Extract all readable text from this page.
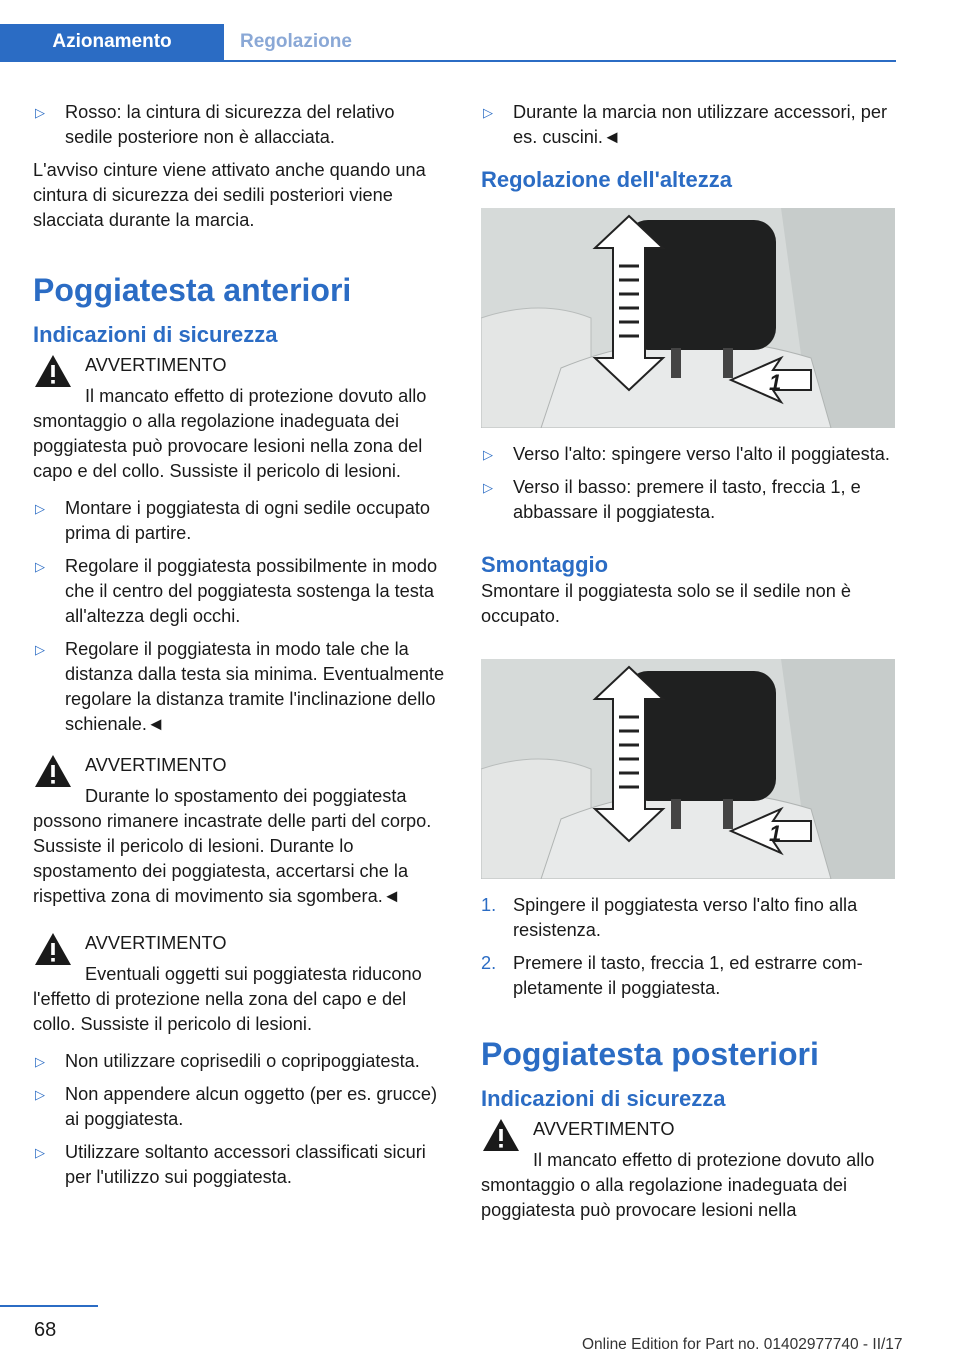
Azionamento	Regolazione
▷ Rosso: la cintura di sicurezza del relativo sedile posteriore non è allacciata.

L'avviso cinture viene attivato anche quando una cintura di sicurezza dei sedili posteriori viene slacciata durante la marcia.

Poggiatesta anteriori
Indicazioni di sicurezza
AVVERTIMENTO
Il mancato effetto di protezione dovuto allo smontaggio o alla regolazione inadeguata dei poggiatesta può provocare lesioni nella zona del capo e del collo. Sussiste il pericolo di lesioni.
▷ Montare i poggiatesta di ogni sedile occupato prima di partire.
▷ Regolare il poggiatesta possibilmente in modo che il centro del poggiatesta sostenga la testa all'altezza degli occhi.
▷ Regolare il poggiatesta in modo tale che la distanza dalla testa sia minima. Eventualmente regolare la distanza tramite l'inclinazione dello schienale.◄
AVVERTIMENTO
Durante lo spostamento dei poggiatesta possono rimanere incastrate delle parti del corpo. Sussiste il pericolo di lesioni. Durante lo spostamento dei poggiatesta, accertarsi che la rispettiva zona di movimento sia sgombera.◄
AVVERTIMENTO
Eventuali oggetti sui poggiatesta riducono l'effetto di protezione nella zona del capo e del collo. Sussiste il pericolo di lesioni.
▷ Non utilizzare coprisedili o copripoggiatesta.
▷ Non appendere alcun oggetto (per es. grucce) ai poggiatesta.
▷ Utilizzare soltanto accessori classificati sicuri per l'utilizzo sui poggiatesta.
▷ Durante la marcia non utilizzare accessori, per es. cuscini.◄
Regolazione dell'altezza
1
▷ Verso l'alto: spingere verso l'alto il poggiatesta.
▷ Verso il basso: premere il tasto, freccia 1, e abbassare il poggiatesta.
Smontaggio

Smontare il poggiatesta solo se il sedile non è occupato.

1
1. Spingere il poggiatesta verso l'alto fino alla resistenza.
2. Premere il tasto, freccia 1, ed estrarre completamente il poggiatesta.
Poggiatesta posteriori
Indicazioni di sicurezza
AVVERTIMENTO
Il mancato effetto di protezione dovuto allo smontaggio o alla regolazione inadeguata dei poggiatesta può provocare lesioni nella
68
Online Edition for Part no. 01402977740 - II/17
